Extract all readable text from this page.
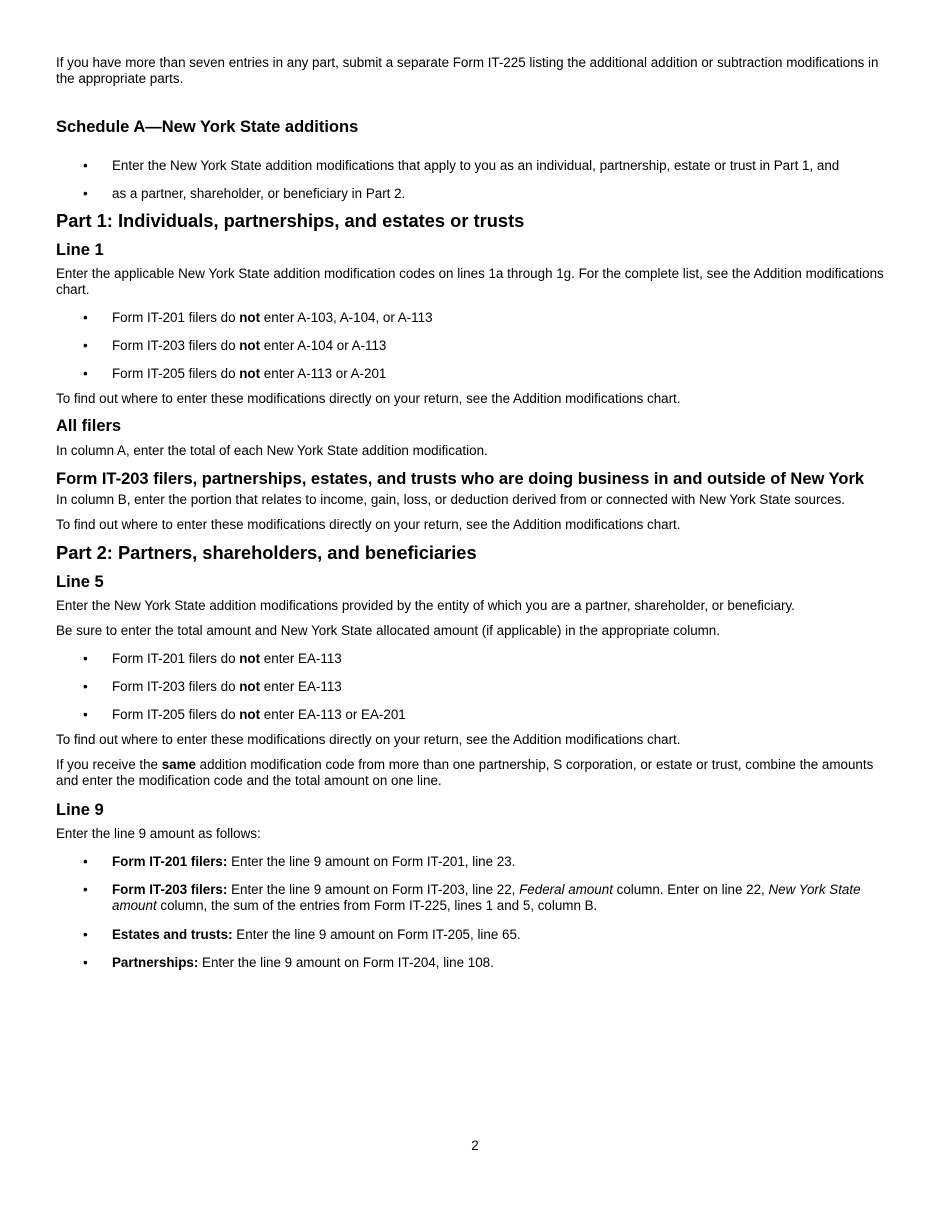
If you have more than seven entries in any part, submit a separate Form IT-225 listing the additional addition or subtraction modifications in the appropriate parts.

Schedule A—New York State additions
• Enter the New York State addition modifications that apply to you as an individual, partnership, estate or trust in Part 1, and
• as a partner, shareholder, or beneficiary in Part 2.
Part 1: Individuals, partnerships, and estates or trusts
Line 1

Enter the applicable New York State addition modification codes on lines 1a through 1g. For the complete list, see the Addition modifications chart.

• Form IT-201 filers do not enter A-103, A-104, or A-113
• Form IT-203 filers do not enter A-104 or A-113
• Form IT-205 filers do not enter A-113 or A-201

To find out where to enter these modifications directly on your return, see the Addition modifications chart.

All filers

In column A, enter the total of each New York State addition modification.

Form IT-203 filers, partnerships, estates, and trusts who are doing business in and outside of New York

In column B, enter the portion that relates to income, gain, loss, or deduction derived from or connected with New York State sources.

To find out where to enter these modifications directly on your return, see the Addition modifications chart.

Part 2: Partners, shareholders, and beneficiaries
Line 5

Enter the New York State addition modifications provided by the entity of which you are a partner, shareholder, or beneficiary.

Be sure to enter the total amount and New York State allocated amount (if applicable) in the appropriate column.

• Form IT-201 filers do not enter EA-113
• Form IT-203 filers do not enter EA-113
• Form IT-205 filers do not enter EA-113 or EA-201

To find out where to enter these modifications directly on your return, see the Addition modifications chart.

If you receive the same addition modification code from more than one partnership, S corporation, or estate or trust, combine the amounts and enter the modification code and the total amount on one line.

Line 9

Enter the line 9 amount as follows:

• Form IT-201 filers: Enter the line 9 amount on Form IT-201, line 23.
• Form IT-203 filers: Enter the line 9 amount on Form IT-203, line 22, Federal amount column. Enter on line 22, New York State amount column, the sum of the entries from Form IT-225, lines 1 and 5, column B.
• Estates and trusts: Enter the line 9 amount on Form IT-205, line 65.
• Partnerships: Enter the line 9 amount on Form IT-204, line 108.
2
